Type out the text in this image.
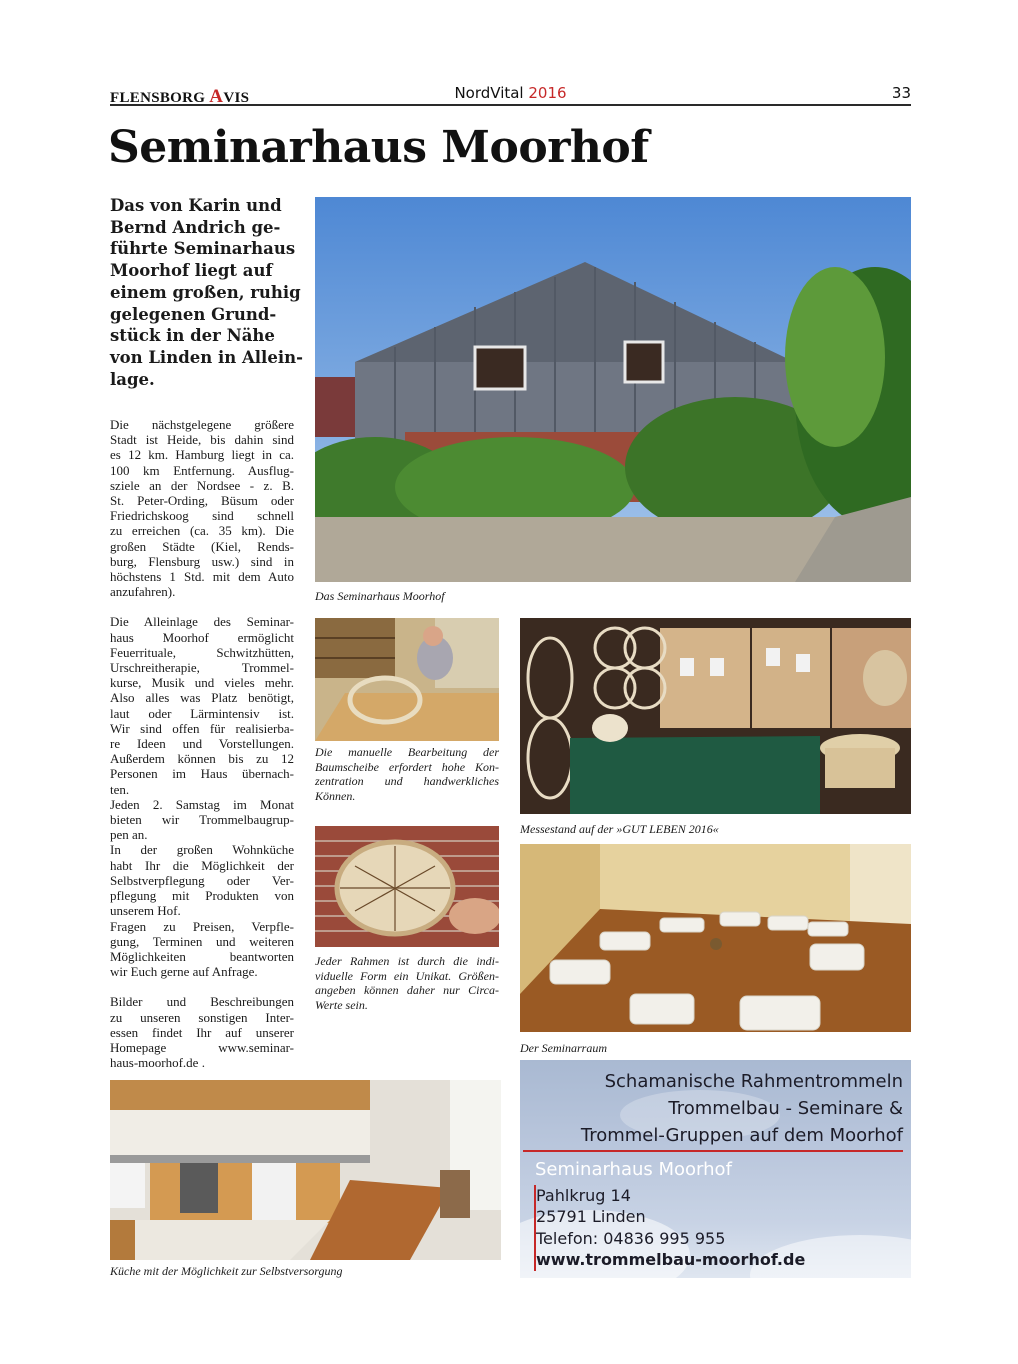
FLENSBORG AVIS	NordVital 2016	33
Seminarhaus Moorhof
Das von Karin und
Bernd Andrich ge-
führte Seminarhaus
Moorhof liegt auf
einem großen, ruhig
gelegenen Grund-
stück in der Nähe
von Linden in Allein-
lage.

Die nächstgelegene größere
Stadt ist Heide, bis dahin sind
es 12 km. Hamburg liegt in ca.
100 km Entfernung. Ausflug-
sziele an der Nordsee - z. B.
St. Peter-Ording, Büsum oder
Friedrichskoog sind schnell
zu erreichen (ca. 35 km). Die
großen Städte (Kiel, Rends-
burg, Flensburg usw.) sind in
höchstens 1 Std. mit dem Auto
anzufahren).

Die Alleinlage des Seminar-
haus Moorhof ermöglicht
Feuerrituale, Schwitzhütten,
Urschreitherapie, Trommel-
kurse, Musik und vieles mehr.
Also alles was Platz benötigt,
laut oder Lärmintensiv ist.
Wir sind offen für realisierba-
re Ideen und Vorstellungen.
Außerdem können bis zu 12
Personen im Haus übernach-
ten.

Jeden 2. Samstag im Monat
bieten wir Trommelbaugrup-
pen an.

In der großen Wohnküche
habt Ihr die Möglichkeit der
Selbstverpflegung oder Ver-
pflegung mit Produkten von
unserem Hof.

Fragen zu Preisen, Verpfle-
gung, Terminen und weiteren
Möglichkeiten beantworten
wir Euch gerne auf Anfrage.

Bilder und Beschreibungen
zu unseren sonstigen Inter-
essen findet Ihr auf unserer
Homepage www.seminar-
haus-moorhof.de .

Das Seminarhaus Moorhof
Die manuelle Bearbeitung der
Baumscheibe erfordert hohe Kon-
zentration und handwerkliches
Können.
Messestand auf der »GUT LEBEN 2016«
Jeder Rahmen ist durch die indi-
viduelle Form ein Unikat. Größen-
angeben können daher nur Circa-
Werte sein.
Der Seminarraum
Küche mit der Möglichkeit zur Selbstversorgung
Schamanische Rahmentrommeln
Trommelbau - Seminare &
Trommel-Gruppen auf dem Moorhof
Seminarhaus Moorhof
Pahlkrug 14
25791 Linden
Telefon: 04836 995 955
www.trommelbau-moorhof.de
